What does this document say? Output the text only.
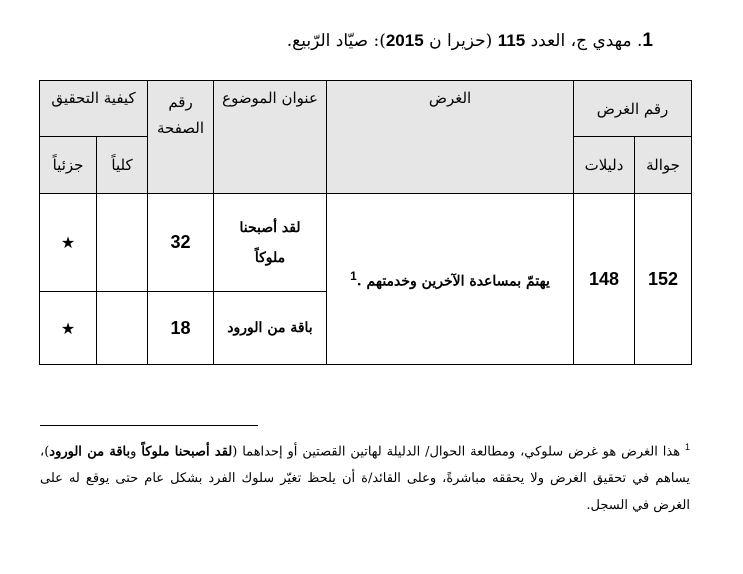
1. مهدي ج، العدد 115 (حزيرا ن 2015): صيّاد الرّبيع.
رقم الغرض		الغرض	عنوان الموضوع	رقم الصفحة	كيفية التحقيق	
جوالة	دليلات				كلياً	جزئياً
152	148	يهتمّ بمساعدة الآخرين وخدمتهم .$^1$	لقد أصبحنا ملوكاً	32		★
			باقة من الورود	18		★
$^1$ هذا الغرض هو غرض سلوكي، ومطالعة الحوال/ الدليلة لهاتين القصتين أو إحداهما (لقد أصبحنا ملوكاً وباقة من الورود)، يساهم في تحقيق الغرض ولا يحققه مباشرةً، وعلى القائد/ة أن يلحظ تغيّر سلوك الفرد بشكل عام حتى يوقع له على الغرض في السجل.
